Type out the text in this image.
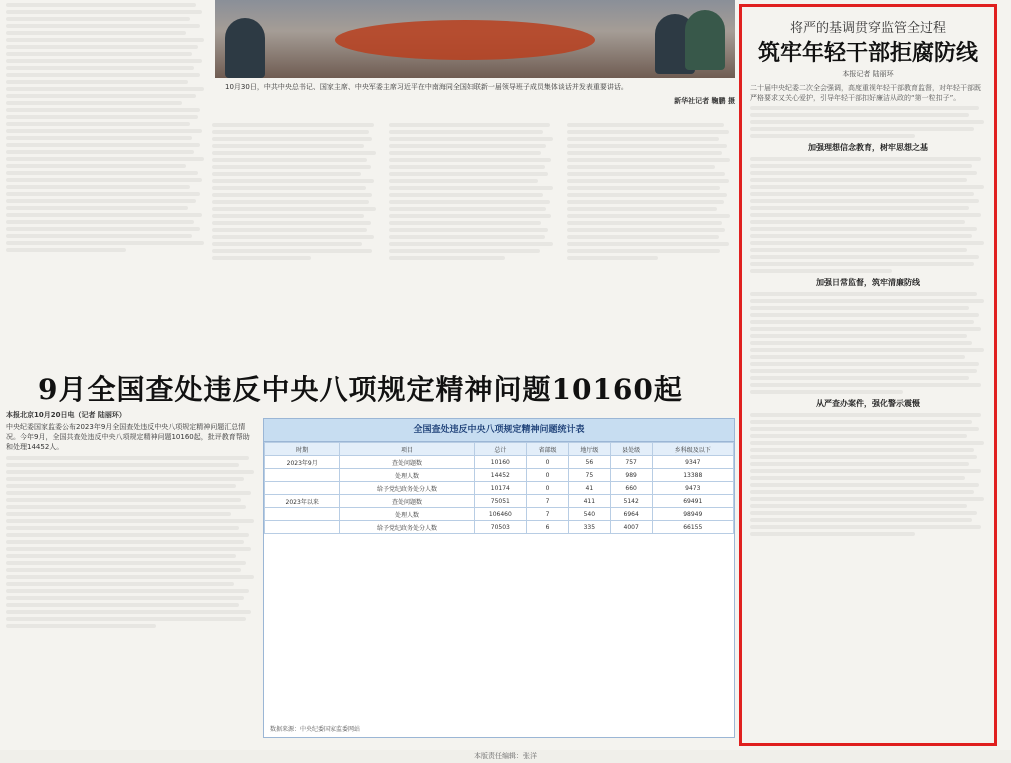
10月30日，中共中央总书记、国家主席、中央军委主席习近平在中南海同全国妇联新一届领导班子成员集体谈话并发表重要讲话。
新华社记者 鞠鹏 摄
9月全国查处违反中央八项规定精神问题10160起
本报北京10月20日电（记者 陆丽环）
中央纪委国家监委公布2023年9月全国查处违反中央八项规定精神问题汇总情况。今年9月，全国共查处违反中央八项规定精神问题10160起，批评教育帮助和处理14452人。
全国查处违反中央八项规定精神问题统计表
时期	项目	总计	省部级	地厅级	县处级	乡科级及以下
2023年9月	查处问题数	10160	0	56	757	9347
	处理人数	14452	0	75	989	13388
	给予党纪政务处分人数	10174	0	41	660	9473
2023年以来	查处问题数	75051	7	411	5142	69491
	处理人数	106460	7	540	6964	98949
	给予党纪政务处分人数	70503	6	335	4007	66155
数据来源：中央纪委国家监委网站
将严的基调贯穿监管全过程
筑牢年轻干部拒腐防线
本报记者 陆丽环
二十届中央纪委二次全会强调，高度重视年轻干部教育监督，对年轻干部既严格要求又关心爱护，引导年轻干部扣好廉洁从政的“第一粒扣子”。
加强理想信念教育，树牢思想之基
加强日常监督，筑牢清廉防线
从严查办案件，强化警示震慑
本版责任编辑：张洋
